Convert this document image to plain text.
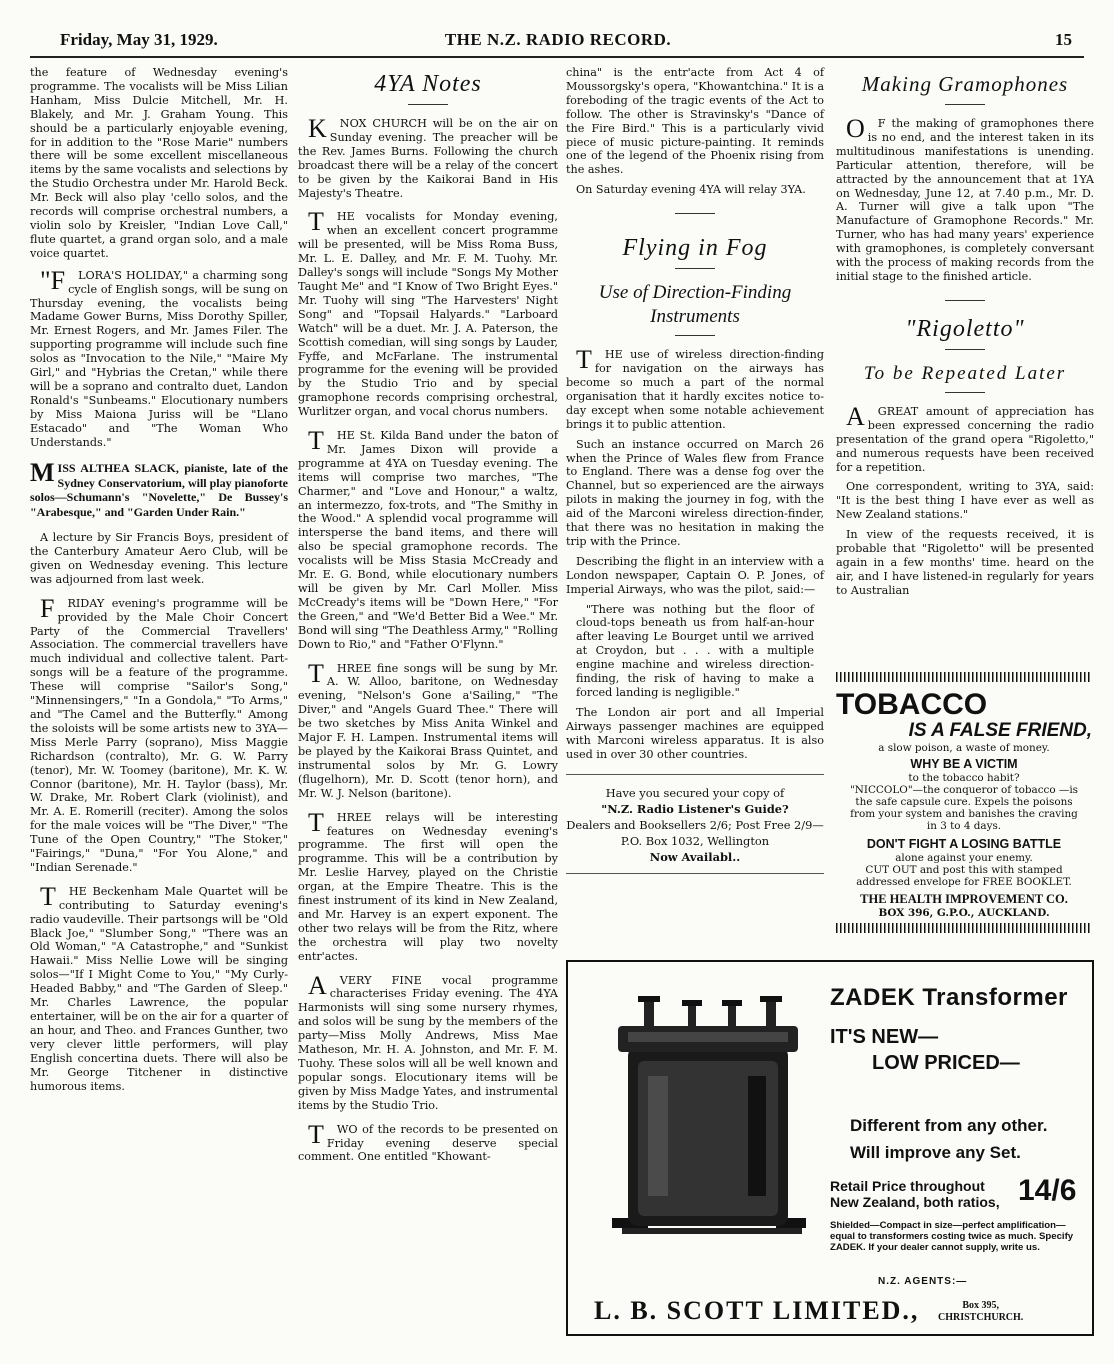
Friday, May 31, 1929.	THE N.Z. RADIO RECORD.	15

the feature of Wednesday evening's programme. The vocalists will be Miss Lilian Hanham, Miss Dulcie Mitchell, Mr. H. Blakely, and Mr. J. Graham Young. This should be a particularly enjoyable evening, for in addition to the "Rose Marie" numbers there will be some excellent miscellaneous items by the same vocalists and selections by the Studio Orchestra under Mr. Harold Beck. Mr. Beck will also play 'cello solos, and the records will comprise orchestral numbers, a violin solo by Kreisler, "Indian Love Call," flute quartet, a grand organ solo, and a male voice quartet.

"FLORA'S HOLIDAY," a charming song cycle of English songs, will be sung on Thursday evening, the vocalists being Madame Gower Burns, Miss Dorothy Spiller, Mr. Ernest Rogers, and Mr. James Filer. The supporting programme will include such fine solos as "Invocation to the Nile," "Maire My Girl," and "Hybrias the Cretan," while there will be a soprano and contralto duet, Landon Ronald's "Sunbeams." Elocutionary numbers by Miss Maiona Juriss will be "Llano Estacado" and "The Woman Who Understands."

MISS ALTHEA SLACK, pianiste, late of the Sydney Conservatorium, will play pianoforte solos—Schumann's "Novelette," De Bussey's "Arabesque," and "Garden Under Rain."

A lecture by Sir Francis Boys, president of the Canterbury Amateur Aero Club, will be given on Wednesday evening. This lecture was adjourned from last week.

FRIDAY evening's programme will be provided by the Male Choir Concert Party of the Commercial Travellers' Association. The commercial travellers have much individual and collective talent. Part-songs will be a feature of the programme. These will comprise "Sailor's Song," "Minnensingers," "In a Gondola," "To Arms," and "The Camel and the Butterfly." Among the soloists will be some artists new to 3YA—Miss Merle Parry (soprano), Miss Maggie Richardson (contralto), Mr. G. W. Parry (tenor), Mr. W. Toomey (baritone), Mr. K. W. Connor (baritone), Mr. H. Taylor (bass), Mr. W. Drake, Mr. Robert Clark (violinist), and Mr. A. E. Romerill (reciter). Among the solos for the male voices will be "The Diver," "The Tune of the Open Country," "The Stoker," "Fairings," "Duna," "For You Alone," and "Indian Serenade."

THE Beckenham Male Quartet will be contributing to Saturday evening's radio vaudeville. Their partsongs will be "Old Black Joe," "Slumber Song," "There was an Old Woman," "A Catastrophe," and "Sunkist Hawaii." Miss Nellie Lowe will be singing solos—"If I Might Come to You," "My Curly-Headed Babby," and "The Garden of Sleep." Mr. Charles Lawrence, the popular entertainer, will be on the air for a quarter of an hour, and Theo. and Frances Gunther, two very clever little performers, will play English concertina duets. There will also be Mr. George Titchener in distinctive humorous items.

4YA Notes

KNOX CHURCH will be on the air on Sunday evening. The preacher will be the Rev. James Burns. Following the church broadcast there will be a relay of the concert to be given by the Kaikorai Band in His Majesty's Theatre.

THE vocalists for Monday evening, when an excellent concert programme will be presented, will be Miss Roma Buss, Mr. L. E. Dalley, and Mr. F. M. Tuohy. Mr. Dalley's songs will include "Songs My Mother Taught Me" and "I Know of Two Bright Eyes." Mr. Tuohy will sing "The Harvesters' Night Song" and "Topsail Halyards." "Larboard Watch" will be a duet. Mr. J. A. Paterson, the Scottish comedian, will sing songs by Lauder, Fyffe, and McFarlane. The instrumental programme for the evening will be provided by the Studio Trio and by special gramophone records comprising orchestral, Wurlitzer organ, and vocal chorus numbers.

THE St. Kilda Band under the baton of Mr. James Dixon will provide a programme at 4YA on Tuesday evening. The items will comprise two marches, "The Charmer," and "Love and Honour," a waltz, an intermezzo, fox-trots, and "The Smithy in the Wood." A splendid vocal programme will intersperse the band items, and there will also be special gramophone records. The vocalists will be Miss Stasia McCready and Mr. E. G. Bond, while elocutionary numbers will be given by Mr. Carl Moller. Miss McCready's items will be "Down Here," "For the Green," and "We'd Better Bid a Wee." Mr. Bond will sing "The Deathless Army," "Rolling Down to Rio," and "Father O'Flynn."

THREE fine songs will be sung by Mr. A. W. Alloo, baritone, on Wednesday evening, "Nelson's Gone a'Sailing," "The Diver," and "Angels Guard Thee." There will be two sketches by Miss Anita Winkel and Major F. H. Lampen. Instrumental items will be played by the Kaikorai Brass Quintet, and instrumental solos by Mr. G. Lowry (flugelhorn), Mr. D. Scott (tenor horn), and Mr. W. J. Nelson (baritone).

THREE relays will be interesting features on Wednesday evening's programme. The first will open the programme. This will be a contribution by Mr. Leslie Harvey, played on the Christie organ, at the Empire Theatre. This is the finest instrument of its kind in New Zealand, and Mr. Harvey is an expert exponent. The other two relays will be from the Ritz, where the orchestra will play two novelty entr'actes.

AVERY FINE vocal programme characterises Friday evening. The 4YA Harmonists will sing some nursery rhymes, and solos will be sung by the members of the party—Miss Molly Andrews, Miss Mae Matheson, Mr. H. A. Johnston, and Mr. F. M. Tuohy. These solos will all be well known and popular songs. Elocutionary items will be given by Miss Madge Yates, and instrumental items by the Studio Trio.

TWO of the records to be presented on Friday evening deserve special comment. One entitled "Khowant-

china" is the entr'acte from Act 4 of Moussorgsky's opera, "Khowantchina." It is a foreboding of the tragic events of the Act to follow. The other is Stravinsky's "Dance of the Fire Bird." This is a particularly vivid piece of music picture-painting. It reminds one of the legend of the Phoenix rising from the ashes.

On Saturday evening 4YA will relay 3YA.

Flying in Fog
Use of Direction-Finding Instruments

THE use of wireless direction-finding for navigation on the airways has become so much a part of the normal organisation that it hardly excites notice to-day except when some notable achievement brings it to public attention.

Such an instance occurred on March 26 when the Prince of Wales flew from France to England. There was a dense fog over the Channel, but so experienced are the airways pilots in making the journey in fog, with the aid of the Marconi wireless direction-finder, that there was no hesitation in making the trip with the Prince.

Describing the flight in an interview with a London newspaper, Captain O. P. Jones, of Imperial Airways, who was the pilot, said:—

"There was nothing but the floor of cloud-tops beneath us from half-an-hour after leaving Le Bourget until we arrived at Croydon, but . . . with a multiple engine machine and wireless direction-finding, the risk of having to make a forced landing is negligible."

The London air port and all Imperial Airways passenger machines are equipped with Marconi wireless apparatus. It is also used in over 30 other countries.

Have you secured your copy of
"N.Z. Radio Listener's Guide?
Dealers and Booksellers 2/6; Post Free 2/9—P.O. Box 1032, Wellington
Now Availabl..
Making Gramophones

OF the making of gramophones there is no end, and the interest taken in its multitudinous manifestations is unending. Particular attention, therefore, will be attracted by the announcement that at 1YA on Wednesday, June 12, at 7.40 p.m., Mr. D. A. Turner will give a talk upon "The Manufacture of Gramophone Records." Mr. Turner, who has had many years' experience with gramophones, is completely conversant with the process of making records from the initial stage to the finished article.

"Rigoletto"
To be Repeated Later

AGREAT amount of appreciation has been expressed concerning the radio presentation of the grand opera "Rigoletto," and numerous requests have been received for a repetition.

One correspondent, writing to 3YA, said: "It is the best thing I have ever as well as New Zealand stations."

In view of the requests received, it is probable that "Rigoletto" will be presented again in a few months' time. heard on the air, and I have listened-in regularly for years to Australian

TOBACCO
IS A FALSE FRIEND,
a slow poison, a waste of money.
WHY BE A VICTIM
to the tobacco habit?
"NICCOLO"—the conqueror of tobacco —is the safe capsule cure. Expels the poisons from your system and banishes the craving in 3 to 4 days.
DON'T FIGHT A LOSING BATTLE
alone against your enemy.
CUT OUT and post this with stamped addressed envelope for FREE BOOKLET.
THE HEALTH IMPROVEMENT CO.
BOX 396, G.P.O., AUCKLAND.
ZADEK Transformer
IT'S NEW—
LOW PRICED—
Different from any other.
Will improve any Set.
Retail Price throughout
New Zealand, both ratios, 14/6
Shielded—Compact in size—perfect amplification—equal to transformers costing twice as much. Specify ZADEK. If your dealer cannot supply, write us.
N.Z. AGENTS:—
L. B. SCOTT LIMITED.,	Box 395,
CHRISTCHURCH.
